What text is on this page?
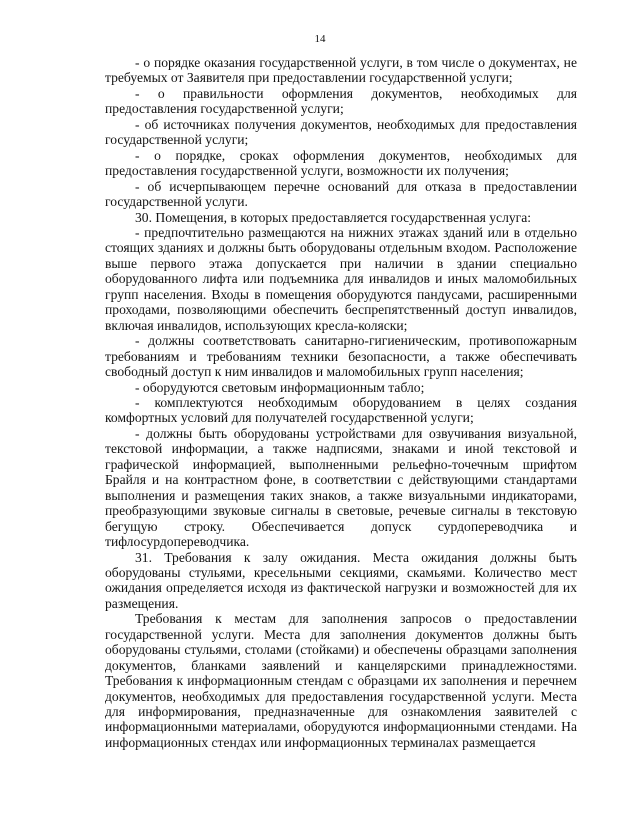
14

- о порядке оказания государственной услуги, в том числе о документах, не требуемых от Заявителя при предоставлении государственной услуги;

- о правильности оформления документов, необходимых для предоставления государственной услуги;

- об источниках получения документов, необходимых для предоставления государственной услуги;

- о порядке, сроках оформления документов, необходимых для предоставления государственной услуги, возможности их получения;

- об исчерпывающем перечне оснований для отказа в предоставлении государственной услуги.

30. Помещения, в которых предоставляется государственная услуга:

- предпочтительно размещаются на нижних этажах зданий или в отдельно стоящих зданиях и должны быть оборудованы отдельным входом. Расположение выше первого этажа допускается при наличии в здании специально оборудованного лифта или подъемника для инвалидов и иных маломобильных групп населения. Входы в помещения оборудуются пандусами, расширенными проходами, позволяющими обеспечить беспрепятственный доступ инвалидов, включая инвалидов, использующих кресла-коляски;

- должны соответствовать санитарно-гигиеническим, противопожарным требованиям и требованиям техники безопасности, а также обеспечивать свободный доступ к ним инвалидов и маломобильных групп населения;

- оборудуются световым информационным табло;

- комплектуются необходимым оборудованием в целях создания комфортных условий для получателей государственной услуги;

- должны быть оборудованы устройствами для озвучивания визуальной, текстовой информации, а также надписями, знаками и иной текстовой и графической информацией, выполненными рельефно-точечным шрифтом Брайля и на контрастном фоне, в соответствии с действующими стандартами выполнения и размещения таких знаков, а также визуальными индикаторами, преобразующими звуковые сигналы в световые, речевые сигналы в текстовую бегущую строку. Обеспечивается допуск сурдопереводчика и тифлосурдопереводчика.

31. Требования к залу ожидания. Места ожидания должны быть оборудованы стульями, кресельными секциями, скамьями. Количество мест ожидания определяется исходя из фактической нагрузки и возможностей для их размещения.

Требования к местам для заполнения запросов о предоставлении государственной услуги. Места для заполнения документов должны быть оборудованы стульями, столами (стойками) и обеспечены образцами заполнения документов, бланками заявлений и канцелярскими принадлежностями. Требования к информационным стендам с образцами их заполнения и перечнем документов, необходимых для предоставления государственной услуги. Места для информирования, предназначенные для ознакомления заявителей с информационными материалами, оборудуются информационными стендами. На информационных стендах или информационных терминалах размещается
